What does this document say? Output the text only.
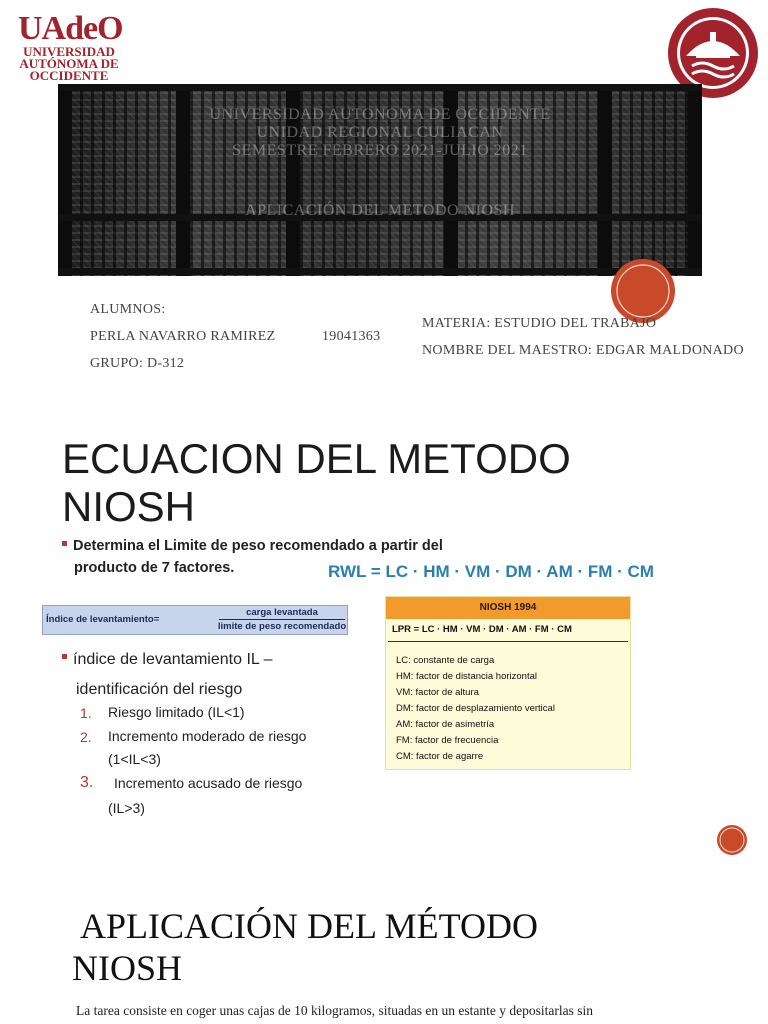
UAdeO
UNIVERSIDAD
AUTÓNOMA DE
OCCIDENTE
UNIVERSIDAD AUTONOMA DE OCCIDENTE
UNIDAD REGIONAL CULIACAN
SEMESTRE FEBRERO 2021-JULIO 2021
APLICACIÓN DEL METODO NIOSH
ALUMNOS:
PERLA NAVARRO RAMIREZ	19041363
GRUPO: D-312
MATERIA: ESTUDIO DEL TRABAJO
NOMBRE DEL MAESTRO: EDGAR MALDONADO
ECUACION DEL METODO
NIOSH
Determina el Limite de peso recomendado a partir del
producto de 7 factores.	RWL = LC · HM · VM · DM · AM · FM · CM
Índice de levantamiento=
carga levantada
limite de peso recomendado
índice de levantamiento IL –
identificación del riesgo
1. Riesgo limitado (IL<1)
2. Incremento moderado de riesgo
(1<IL<3)
3. Incremento acusado de riesgo
(IL>3)
NIOSH 1994
LPR = LC · HM · VM · DM · AM · FM · CM
LC: constante de carga
HM: factor de distancia horizontal
VM: factor de altura
DM: factor de desplazamiento vertical
AM: factor de asimetría
FM: factor de frecuencia
CM: factor de agarre
APLICACIÓN DEL MÉTODO
NIOSH
La tarea consiste en coger unas cajas de 10 kilogramos, situadas en un estante y depositarlas sin
